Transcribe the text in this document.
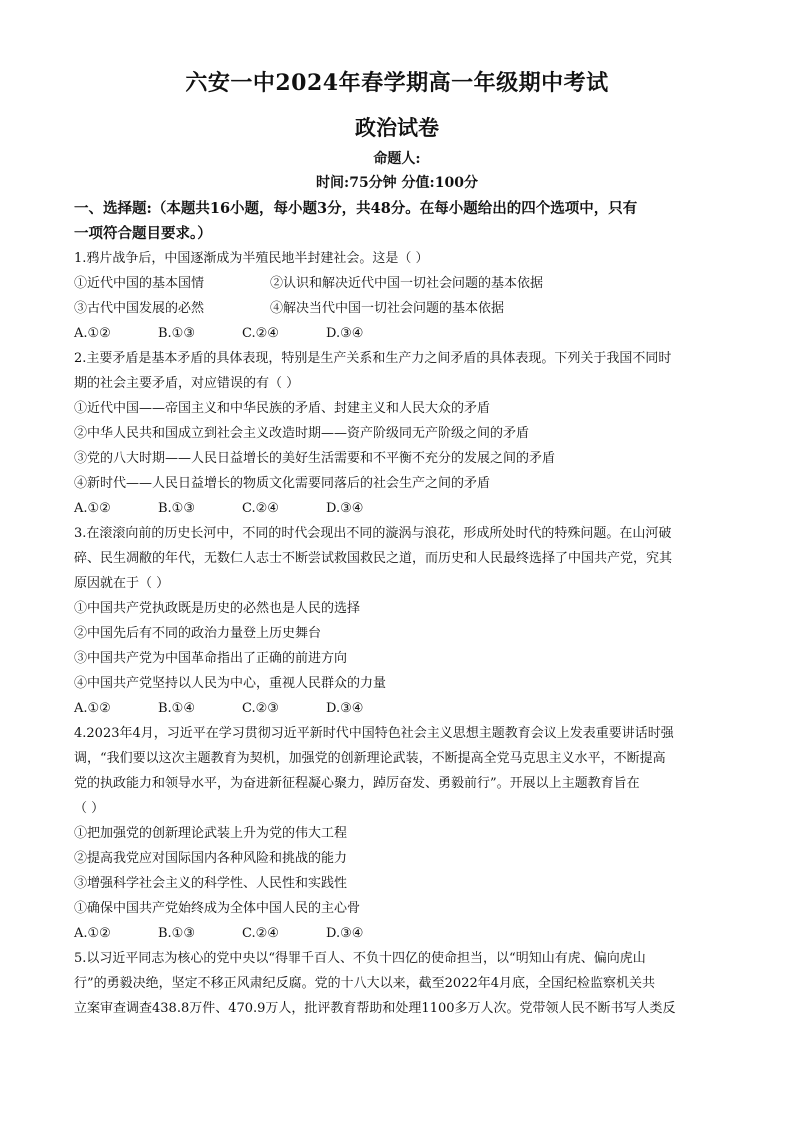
六安一中2024年春学期高一年级期中考试
政治试卷
命题人:
时间:75分钟 分值:100分
一、选择题:（本题共16小题，每小题3分，共48分。在每小题给出的四个选项中，只有
一项符合题目要求。）
1.鸦片战争后，中国逐渐成为半殖民地半封建社会。这是（ ）
①近代中国的基本国情	②认识和解决近代中国一切社会问题的基本依据
③古代中国发展的必然	④解决当代中国一切社会问题的基本依据
A.①②	B.①③	C.②④	D.③④
2.主要矛盾是基本矛盾的具体表现，特别是生产关系和生产力之间矛盾的具体表现。下列关于我国不同时
期的社会主要矛盾，对应错误的有（ ）
①近代中国——帝国主义和中华民族的矛盾、封建主义和人民大众的矛盾
②中华人民共和国成立到社会主义改造时期——资产阶级同无产阶级之间的矛盾
③党的八大时期——人民日益增长的美好生活需要和不平衡不充分的发展之间的矛盾
④新时代——人民日益增长的物质文化需要同落后的社会生产之间的矛盾
A.①②	B.①③	C.②④	D.③④
3.在滚滚向前的历史长河中，不同的时代会现出不同的漩涡与浪花，形成所处时代的特殊问题。在山河破
碎、民生凋敝的年代，无数仁人志士不断尝试救国救民之道，而历史和人民最终选择了中国共产党，究其
原因就在于（ ）
①中国共产党执政既是历史的必然也是人民的选择
②中国先后有不同的政治力量登上历史舞台
③中国共产党为中国革命指出了正确的前进方向
④中国共产党坚持以人民为中心，重视人民群众的力量
A.①②	B.①④	C.②③	D.③④
4.2023年4月，习近平在学习贯彻习近平新时代中国特色社会主义思想主题教育会议上发表重要讲话时强
调，“我们要以这次主题教育为契机，加强党的创新理论武装，不断提高全党马克思主义水平，不断提高
党的执政能力和领导水平，为奋进新征程凝心聚力，踔厉奋发、勇毅前行”。开展以上主题教育旨在
（ ）
①把加强党的创新理论武装上升为党的伟大工程
②提高我党应对国际国内各种风险和挑战的能力
③增强科学社会主义的科学性、人民性和实践性
①确保中国共产党始终成为全体中国人民的主心骨
A.①②	B.①③	C.②④	D.③④
5.以习近平同志为核心的党中央以“得罪千百人、不负十四亿的使命担当，以“明知山有虎、偏向虎山
行”的勇毅决绝，坚定不移正风肃纪反腐。党的十八大以来，截至2022年4月底，全国纪检监察机关共
立案审查调查438.8万件、470.9万人，批评教育帮助和处理1100多万人次。党带领人民不断书写人类反
